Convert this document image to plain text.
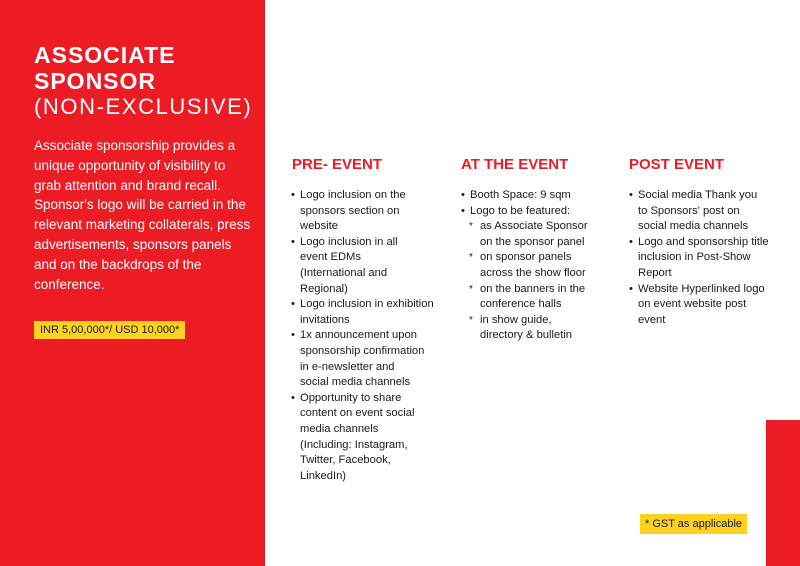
ASSOCIATE
SPONSOR
(NON-EXCLUSIVE)
Associate sponsorship provides a unique opportunity of visibility to grab attention and brand recall. Sponsor's logo will be carried in the relevant marketing collaterals, press advertisements, sponsors panels and on the backdrops of the conference.
INR 5,00,000*/ USD 10,000*
PRE- EVENT
• Logo inclusion on the sponsors section on website
• Logo inclusion in all event EDMs (International and Regional)
• Logo inclusion in exhibition invitations
• 1x announcement upon sponsorship confirmation in e-newsletter and social media channels
• Opportunity to share content on event social media channels (Including: Instagram, Twitter, Facebook, LinkedIn)
AT THE EVENT
• Booth Space: 9 sqm
• Logo to be featured:
* as Associate Sponsor on the sponsor panel
* on sponsor panels across the show floor
* on the banners in the conference halls
* in show guide, directory & bulletin
POST EVENT
• Social media Thank you to Sponsors' post on social media channels
• Logo and sponsorship title inclusion in Post-Show Report
• Website Hyperlinked logo on event website post event
* GST as applicable
